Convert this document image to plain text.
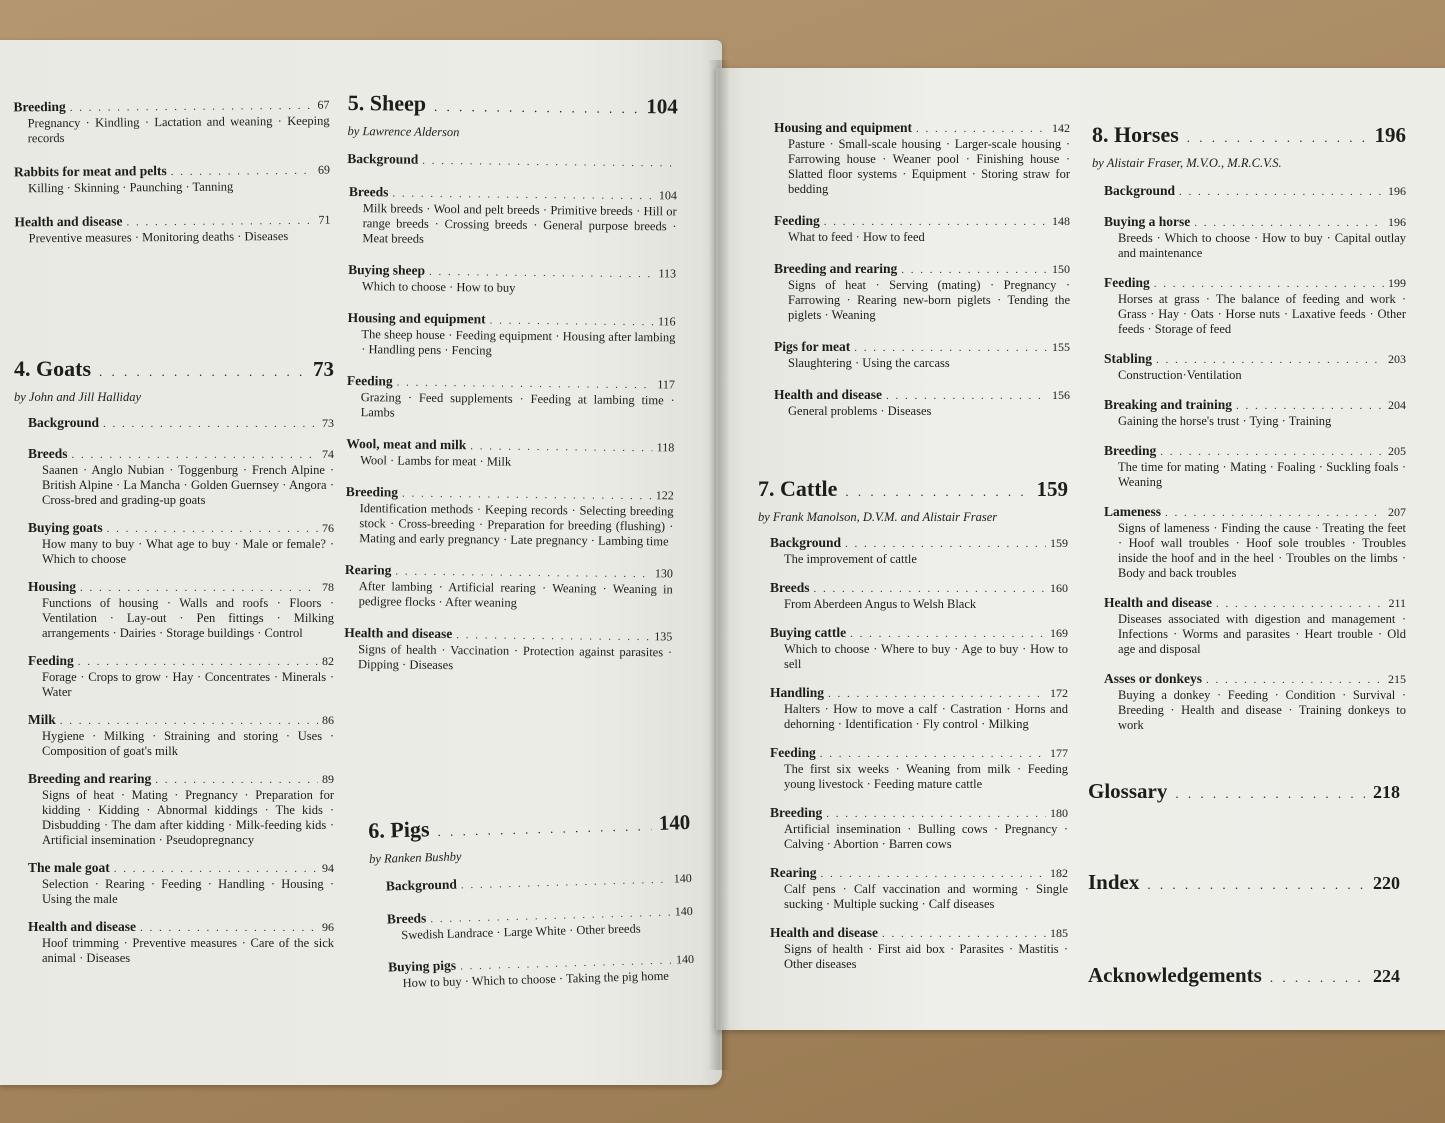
Breeding . . .	67
Pregnancy · Kindling · Lactation and weaning · Keeping records
Rabbits for meat and pelts . . .	69
Killing · Skinning · Paunching · Tanning
Health and disease . . .	71
Preventive measures · Monitoring deaths · Diseases
4. Goats . . .	73
by John and Jill Halliday
Background . . .	73
Breeds . . .	74
Saanen · Anglo Nubian · Toggenburg · French Alpine · British Alpine · La Mancha · Golden Guernsey · Angora · Cross-bred and grading-up goats
Buying goats . . .	76
How many to buy · What age to buy · Male or female? · Which to choose
Housing . . .	78
Functions of housing · Walls and roofs · Floors · Ventilation · Lay-out · Pen fittings · Milking arrangements · Dairies · Storage buildings · Control
Feeding . . .	82
Forage · Crops to grow · Hay · Concentrates · Minerals · Water
Milk . . .	86
Hygiene · Milking · Straining and storing · Uses · Composition of goat's milk
Breeding and rearing . . .	89
Signs of heat · Mating · Pregnancy · Preparation for kidding · Kidding · Abnormal kiddings · The kids · Disbudding · The dam after kidding · Milk-feeding kids · Artificial insemination · Pseudopregnancy
The male goat . . .	94
Selection · Rearing · Feeding · Handling · Housing · Using the male
Health and disease . . .	96
Hoof trimming · Preventive measures · Care of the sick animal · Diseases
5. Sheep . . .	104
by Lawrence Alderson
Background
. . .
Breeds . . .	104
Milk breeds · Wool and pelt breeds · Primitive breeds · Hill or range breeds · Crossing breeds · General purpose breeds · Meat breeds
Buying sheep . . .	113
Which to choose · How to buy
Housing and equipment . . .	116
The sheep house · Feeding equipment · Housing after lambing · Handling pens · Fencing
Feeding . . .	117
Grazing · Feed supplements · Feeding at lambing time · Lambs
Wool, meat and milk . . .	118
Wool · Lambs for meat · Milk
Breeding . . .	122
Identification methods · Keeping records · Selecting breeding stock · Cross-breeding · Preparation for breeding (flushing) · Mating and early pregnancy · Late pregnancy · Lambing time
Rearing . . .	130
After lambing · Artificial rearing · Weaning · Weaning in pedigree flocks · After weaning
Health and disease . . .	135
Signs of health · Vaccination · Protection against parasites · Dipping · Diseases
6. Pigs . . .	140
by Ranken Bushby
Background . . .	140
Breeds . . .	140
Swedish Landrace · Large White · Other breeds
Buying pigs . . .	140
How to buy · Which to choose · Taking the pig home
Housing and equipment . . .	142
Pasture · Small-scale housing · Larger-scale housing · Farrowing house · Weaner pool · Finishing house · Slatted floor systems · Equipment · Storing straw for bedding
Feeding . . .	148
What to feed · How to feed
Breeding and rearing . . .	150
Signs of heat · Serving (mating) · Pregnancy · Farrowing · Rearing new-born piglets · Tending the piglets · Weaning
Pigs for meat . . .	155
Slaughtering · Using the carcass
Health and disease . . .	156
General problems · Diseases
7. Cattle . . .	159
by Frank Manolson, D.V.M. and Alistair Fraser
Background . . .	159
The improvement of cattle
Breeds . . .	160
From Aberdeen Angus to Welsh Black
Buying cattle . . .	169
Which to choose · Where to buy · Age to buy · How to sell
Handling . . .	172
Halters · How to move a calf · Castration · Horns and dehorning · Identification · Fly control · Milking
Feeding . . .	177
The first six weeks · Weaning from milk · Feeding young livestock · Feeding mature cattle
Breeding . . .	180
Artificial insemination · Bulling cows · Pregnancy · Calving · Abortion · Barren cows
Rearing . . .	182
Calf pens · Calf vaccination and worming · Single sucking · Multiple sucking · Calf diseases
Health and disease . . .	185
Signs of health · First aid box · Parasites · Mastitis · Other diseases
8. Horses . . .	196
by Alistair Fraser, M.V.O., M.R.C.V.S.
Background . . .	196
Buying a horse . . .	196
Breeds · Which to choose · How to buy · Capital outlay and maintenance
Feeding . . .	199
Horses at grass · The balance of feeding and work · Grass · Hay · Oats · Horse nuts · Laxative feeds · Other feeds · Storage of feed
Stabling . . .	203
Construction·Ventilation
Breaking and training . . .	204
Gaining the horse's trust · Tying · Training
Breeding . . .	205
The time for mating · Mating · Foaling · Suckling foals · Weaning
Lameness . . .	207
Signs of lameness · Finding the cause · Treating the feet · Hoof wall troubles · Hoof sole troubles · Troubles inside the hoof and in the heel · Troubles on the limbs · Body and back troubles
Health and disease . . .	211
Diseases associated with digestion and management · Infections · Worms and parasites · Heart trouble · Old age and disposal
Asses or donkeys . . .	215
Buying a donkey · Feeding · Condition · Survival · Breeding · Health and disease · Training donkeys to work
Glossary . . .	218
Index . . .	220
Acknowledgements . . .	224
